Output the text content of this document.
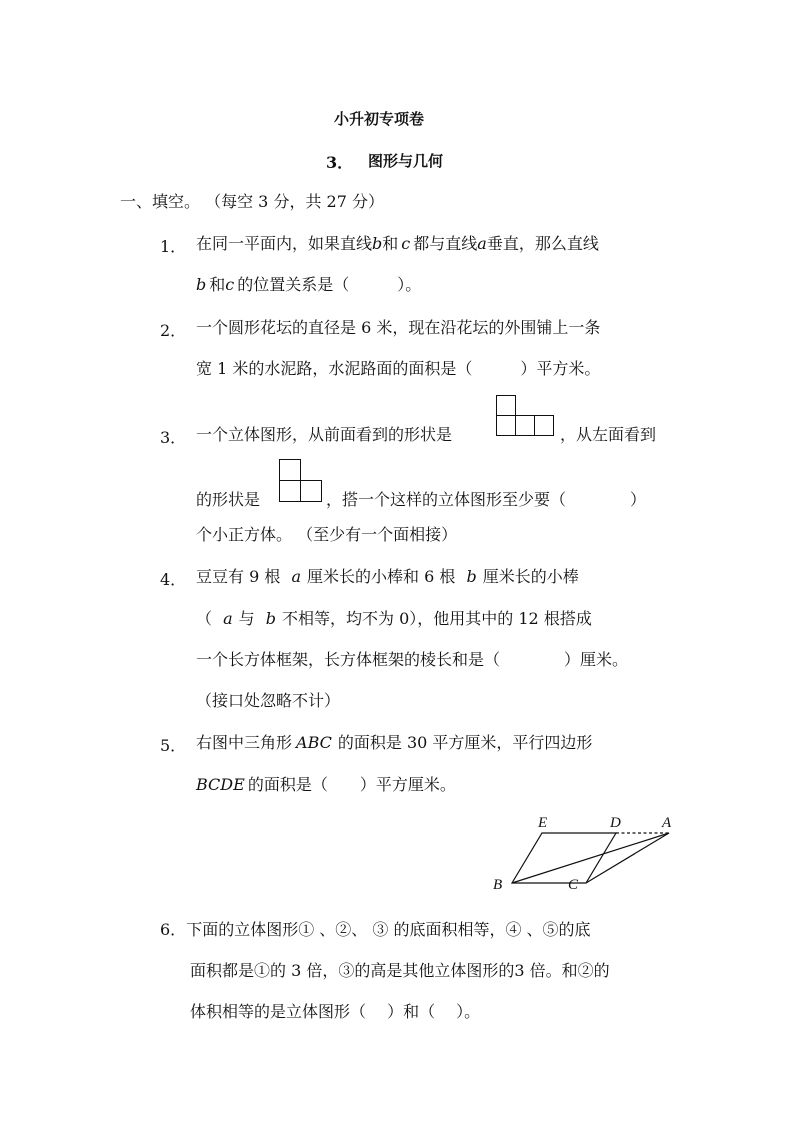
小升初专项卷
3． 图形与几何
一、填空。 （每空 3 分，共 27 分）
1． 在同一平面内，如果直线b和 c 都与直线a垂直，那么直线
b 和c 的位置关系是（　　　）。
2． 一个圆形花坛的直径是 6 米，现在沿花坛的外围铺上一条
宽 1 米的水泥路，水泥路面的面积是（　　　）平方米。
3． 一个立体图形，从前面看到的形状是	，从左面看到
的形状是	，搭一个这样的立体图形至少要（　　　　）
个小正方体。 （至少有一个面相接）
4． 豆豆有 9 根 a 厘米长的小棒和 6 根 b 厘米长的小棒
（ a 与 b 不相等，均不为 0），他用其中的 12 根搭成
一个长方体框架，长方体框架的棱长和是（　　　　）厘米。
（接口处忽略不计）
5． 右图中三角形 ABC 的面积是 30 平方厘米，平行四边形
BCDE 的面积是（　　）平方厘米。
E	D	A
B	C
6．下面的立体图形① 、②、 ③ 的底面积相等，④ 、⑤的底
面积都是①的 3 倍，③的高是其他立体图形的3 倍。和②的
体积相等的是立体图形（　 ）和（　 ）。
